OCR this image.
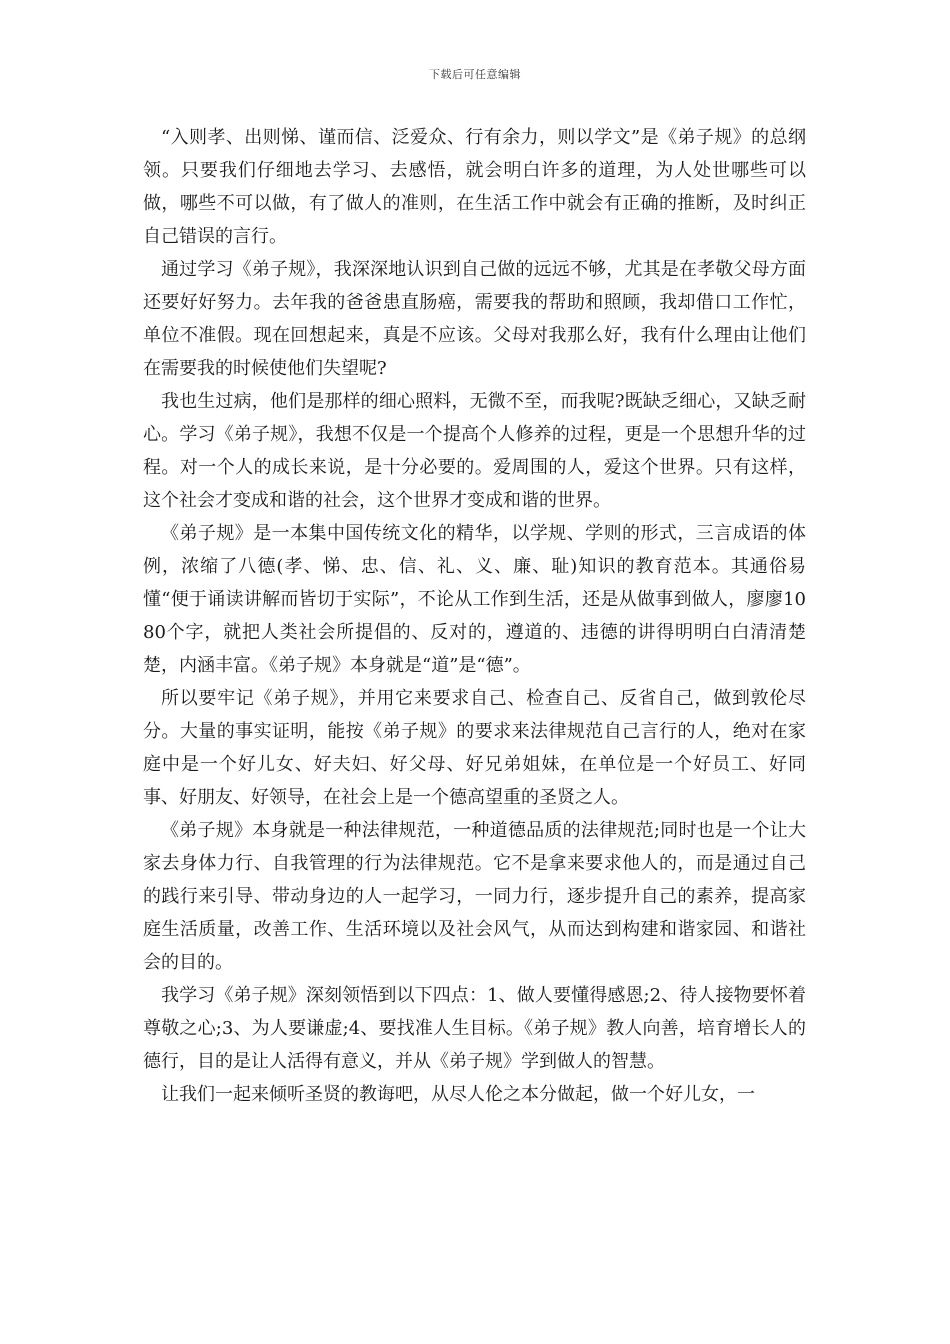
下载后可任意编辑

“入则孝、出则悌、谨而信、泛爱众、行有余力，则以学文”是《弟子规》的总纲领。只要我们仔细地去学习、去感悟，就会明白许多的道理，为人处世哪些可以做，哪些不可以做，有了做人的准则，在生活工作中就会有正确的推断，及时纠正自己错误的言行。

通过学习《弟子规》，我深深地认识到自己做的远远不够，尤其是在孝敬父母方面还要好好努力。去年我的爸爸患直肠癌，需要我的帮助和照顾，我却借口工作忙，单位不准假。现在回想起来，真是不应该。父母对我那么好，我有什么理由让他们在需要我的时候使他们失望呢?

我也生过病，他们是那样的细心照料，无微不至，而我呢?既缺乏细心，又缺乏耐心。学习《弟子规》，我想不仅是一个提高个人修养的过程，更是一个思想升华的过程。对一个人的成长来说，是十分必要的。爱周围的人，爱这个世界。只有这样，这个社会才变成和谐的社会，这个世界才变成和谐的世界。

《弟子规》是一本集中国传统文化的精华，以学规、学则的形式，三言成语的体例，浓缩了八德(孝、悌、忠、信、礼、义、廉、耻)知识的教育范本。其通俗易懂“便于诵读讲解而皆切于实际”，不论从工作到生活，还是从做事到做人，廖廖1080个字，就把人类社会所提倡的、反对的，遵道的、违德的讲得明明白白清清楚楚，内涵丰富。《弟子规》本身就是“道”是“德”。

所以要牢记《弟子规》，并用它来要求自己、检查自己、反省自己，做到敦伦尽分。大量的事实证明，能按《弟子规》的要求来法律规范自己言行的人，绝对在家庭中是一个好儿女、好夫妇、好父母、好兄弟姐妹，在单位是一个好员工、好同事、好朋友、好领导，在社会上是一个德高望重的圣贤之人。

《弟子规》本身就是一种法律规范，一种道德品质的法律规范;同时也是一个让大家去身体力行、自我管理的行为法律规范。它不是拿来要求他人的，而是通过自己的践行来引导、带动身边的人一起学习，一同力行，逐步提升自己的素养，提高家庭生活质量，改善工作、生活环境以及社会风气，从而达到构建和谐家园、和谐社会的目的。

我学习《弟子规》深刻领悟到以下四点：1、做人要懂得感恩;2、待人接物要怀着尊敬之心;3、为人要谦虚;4、要找准人生目标。《弟子规》教人向善，培育增长人的德行，目的是让人活得有意义，并从《弟子规》学到做人的智慧。

让我们一起来倾听圣贤的教诲吧，从尽人伦之本分做起，做一个好儿女，一
